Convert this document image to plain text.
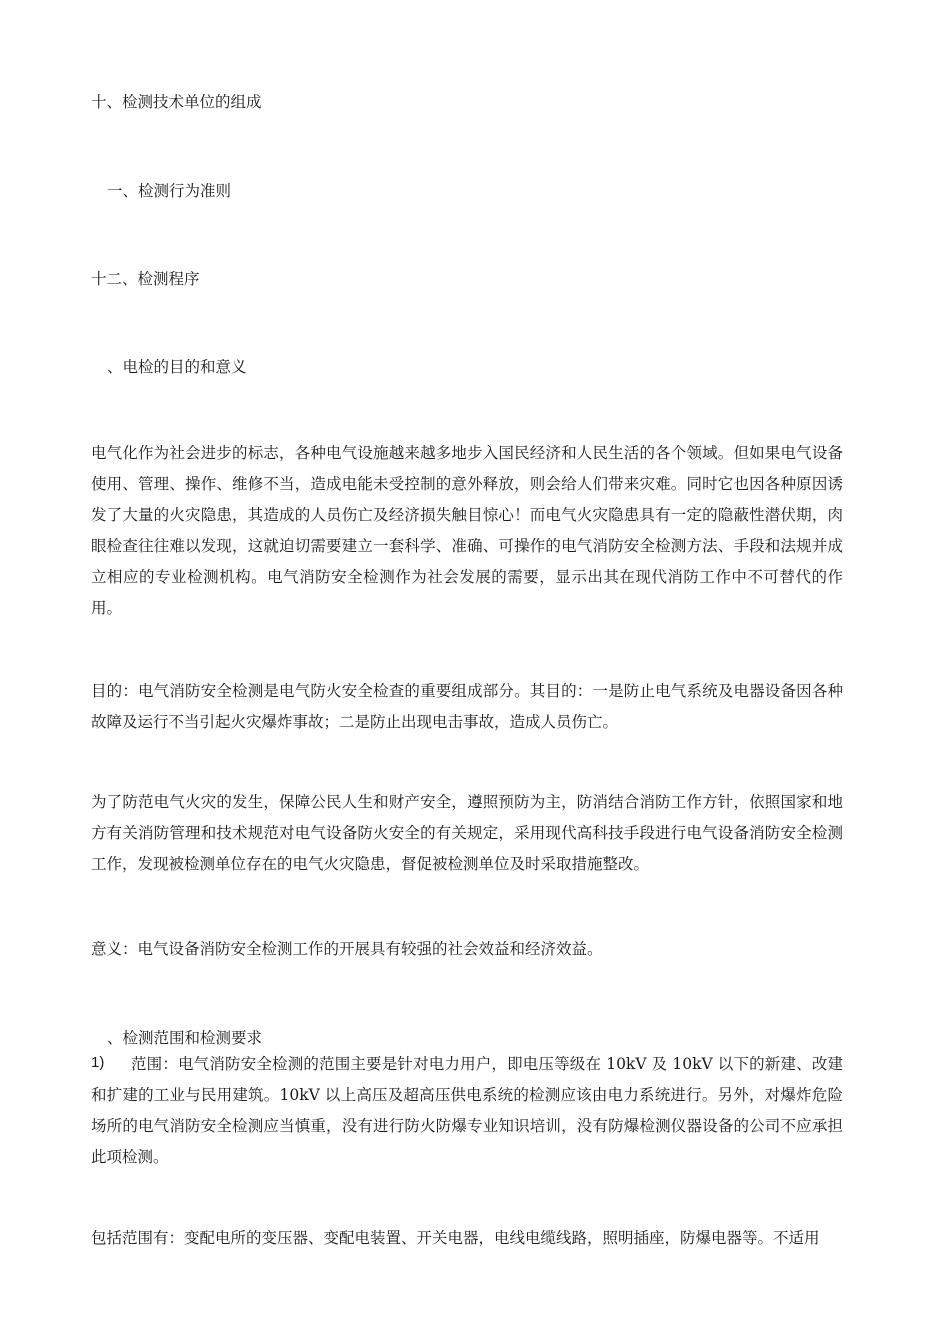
十、检测技术单位的组成
一、检测行为准则
十二、检测程序
、电检的目的和意义
电气化作为社会进步的标志，各种电气设施越来越多地步入国民经济和人民生活的各个领域。但如果电气设备使用、管理、操作、维修不当，造成电能未受控制的意外释放，则会给人们带来灾难。同时它也因各种原因诱发了大量的火灾隐患，其造成的人员伤亡及经济损失触目惊心！而电气火灾隐患具有一定的隐蔽性潜伏期，肉眼检查往往难以发现，这就迫切需要建立一套科学、准确、可操作的电气消防安全检测方法、手段和法规并成立相应的专业检测机构。电气消防安全检测作为社会发展的需要，显示出其在现代消防工作中不可替代的作用。
目的：电气消防安全检测是电气防火安全检查的重要组成部分。其目的：一是防止电气系统及电器设备因各种故障及运行不当引起火灾爆炸事故；二是防止出现电击事故，造成人员伤亡。
为了防范电气火灾的发生，保障公民人生和财产安全，遵照预防为主，防消结合消防工作方针，依照国家和地方有关消防管理和技术规范对电气设备防火安全的有关规定，采用现代高科技手段进行电气设备消防安全检测工作，发现被检测单位存在的电气火灾隐患，督促被检测单位及时采取措施整改。
意义：电气设备消防安全检测工作的开展具有较强的社会效益和经济效益。
、检测范围和检测要求
1)	范围：电气消防安全检测的范围主要是针对电力用户，即电压等级在 10kV 及 10kV 以下的新建、改建和扩建的工业与民用建筑。10kV 以上高压及超高压供电系统的检测应该由电力系统进行。另外，对爆炸危险场所的电气消防安全检测应当慎重，没有进行防火防爆专业知识培训，没有防爆检测仪器设备的公司不应承担此项检测。
包括范围有：变配电所的变压器、变配电装置、开关电器，电线电缆线路，照明插座，防爆电器等。不适用
